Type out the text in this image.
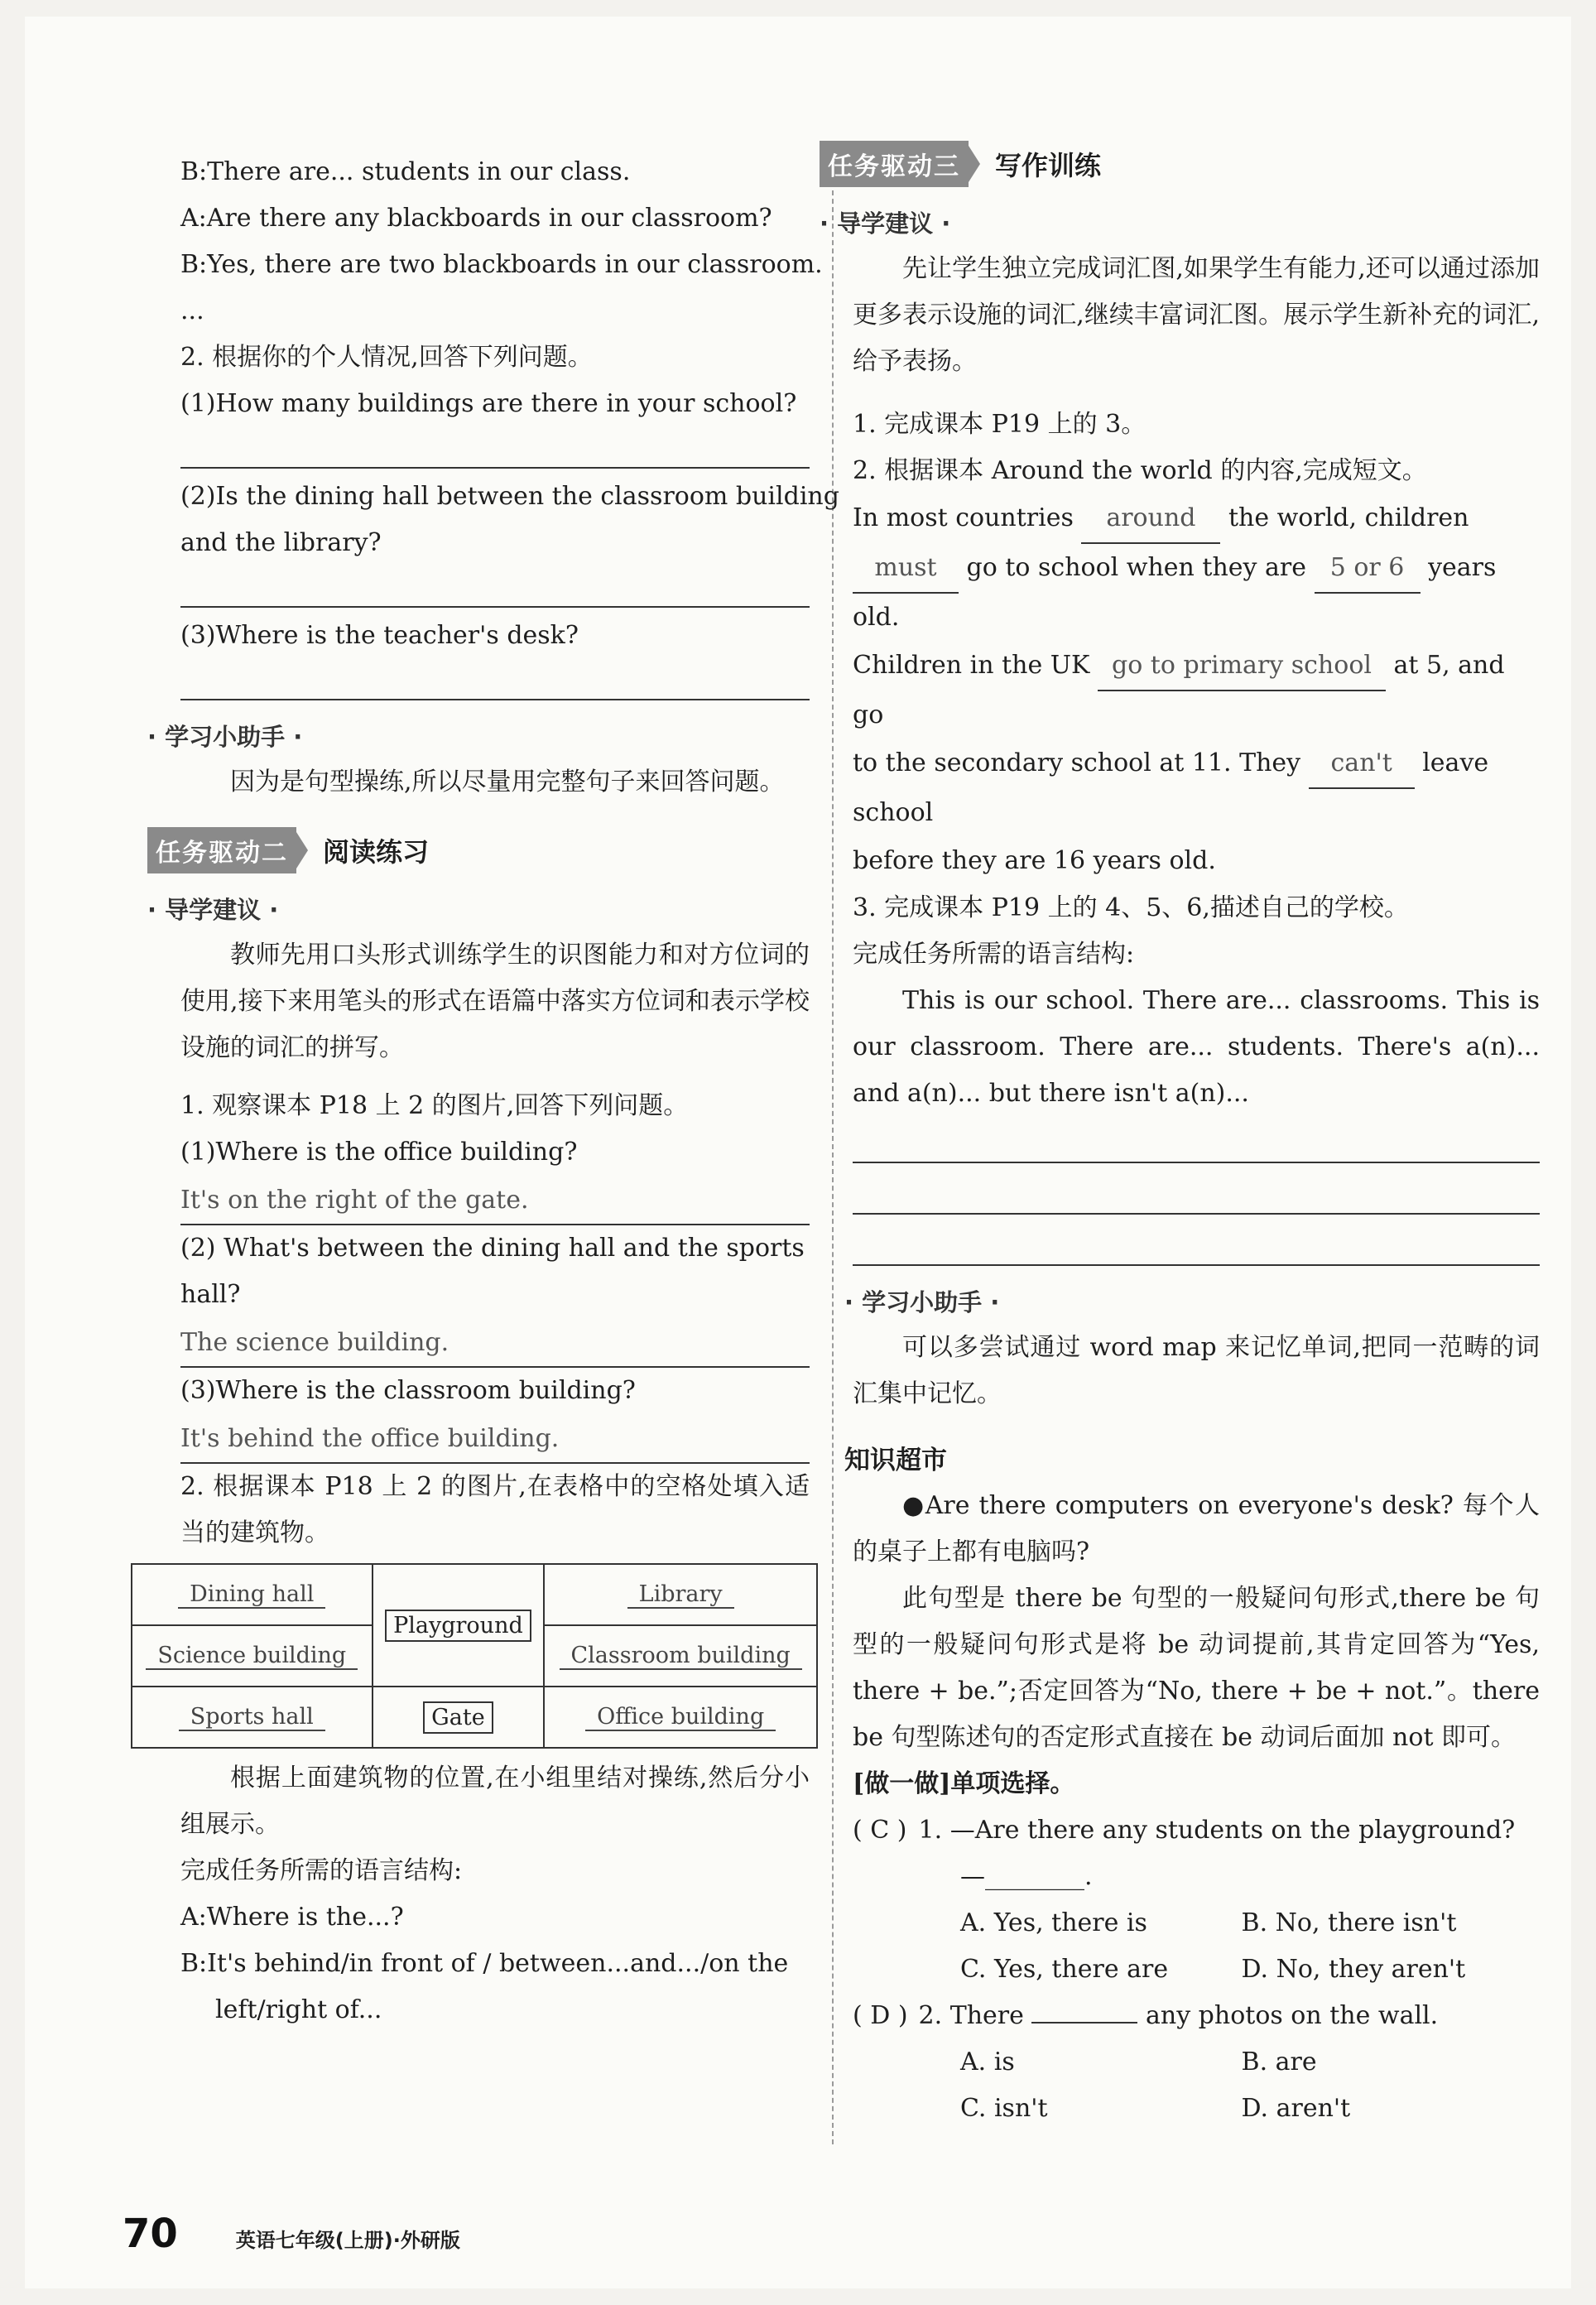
B:There are... students in our class.
A:Are there any blackboards in our classroom?
B:Yes, there are two blackboards in our classroom.
...
2. 根据你的个人情况,回答下列问题。
(1)How many buildings are there in your school?
(2)Is the dining hall between the classroom building
and the library?
(3)Where is the teacher's desk?
· 学习小助手 ·
因为是句型操练,所以尽量用完整句子来回答问题。
任务驱动二	阅读练习
· 导学建议 ·
教师先用口头形式训练学生的识图能力和对方位词的使用,接下来用笔头的形式在语篇中落实方位词和表示学校设施的词汇的拼写。
1. 观察课本 P18 上 2 的图片,回答下列问题。
(1)Where is the office building?
It's on the right of the gate.
(2) What's between the dining hall and the sports
hall?
The science building.
(3)Where is the classroom building?
It's behind the office building.
2. 根据课本 P18 上 2 的图片,在表格中的空格处填入适当的建筑物。
Dining hall	Playground	Library
Science building		Classroom building
Sports hall	Gate	Office building
根据上面建筑物的位置,在小组里结对操练,然后分小组展示。
完成任务所需的语言结构:
A:Where is the...?
B:It's behind/in front of / between...and.../on the
left/right of...
任务驱动三	写作训练
· 导学建议 ·
先让学生独立完成词汇图,如果学生有能力,还可以通过添加更多表示设施的词汇,继续丰富词汇图。展示学生新补充的词汇,给予表扬。
1. 完成课本 P19 上的 3。
2. 根据课本 Around the world 的内容,完成短文。
In most countries around the world, children
must go to school when they are 5 or 6 years old.
Children in the UK go to primary school at 5, and go
to the secondary school at 11. They can't leave school
before they are 16 years old.
3. 完成课本 P19 上的 4、5、6,描述自己的学校。
完成任务所需的语言结构:
This is our school. There are... classrooms. This is our classroom. There are... students. There's a(n)... and a(n)... but there isn't a(n)...
· 学习小助手 ·
可以多尝试通过 word map 来记忆单词,把同一范畴的词汇集中记忆。
知识超市
●Are there computers on everyone's desk? 每个人的桌子上都有电脑吗?
此句型是 there be 句型的一般疑问句形式,there be 句型的一般疑问句形式是将 be 动词提前,其肯定回答为“Yes, there + be.”;否定回答为“No, there + be + not.”。there be 句型陈述句的否定形式直接在 be 动词后面加 not 即可。
[做一做]单项选择。
( C ) 1. —Are there any students on the playground?
—________.
A. Yes, there is	B. No, there isn't
C. Yes, there are	D. No, they aren't
( D ) 2. There	any photos on the wall.
A. is	B. are
C. isn't	D. aren't
70	英语七年级(上册)·外研版
